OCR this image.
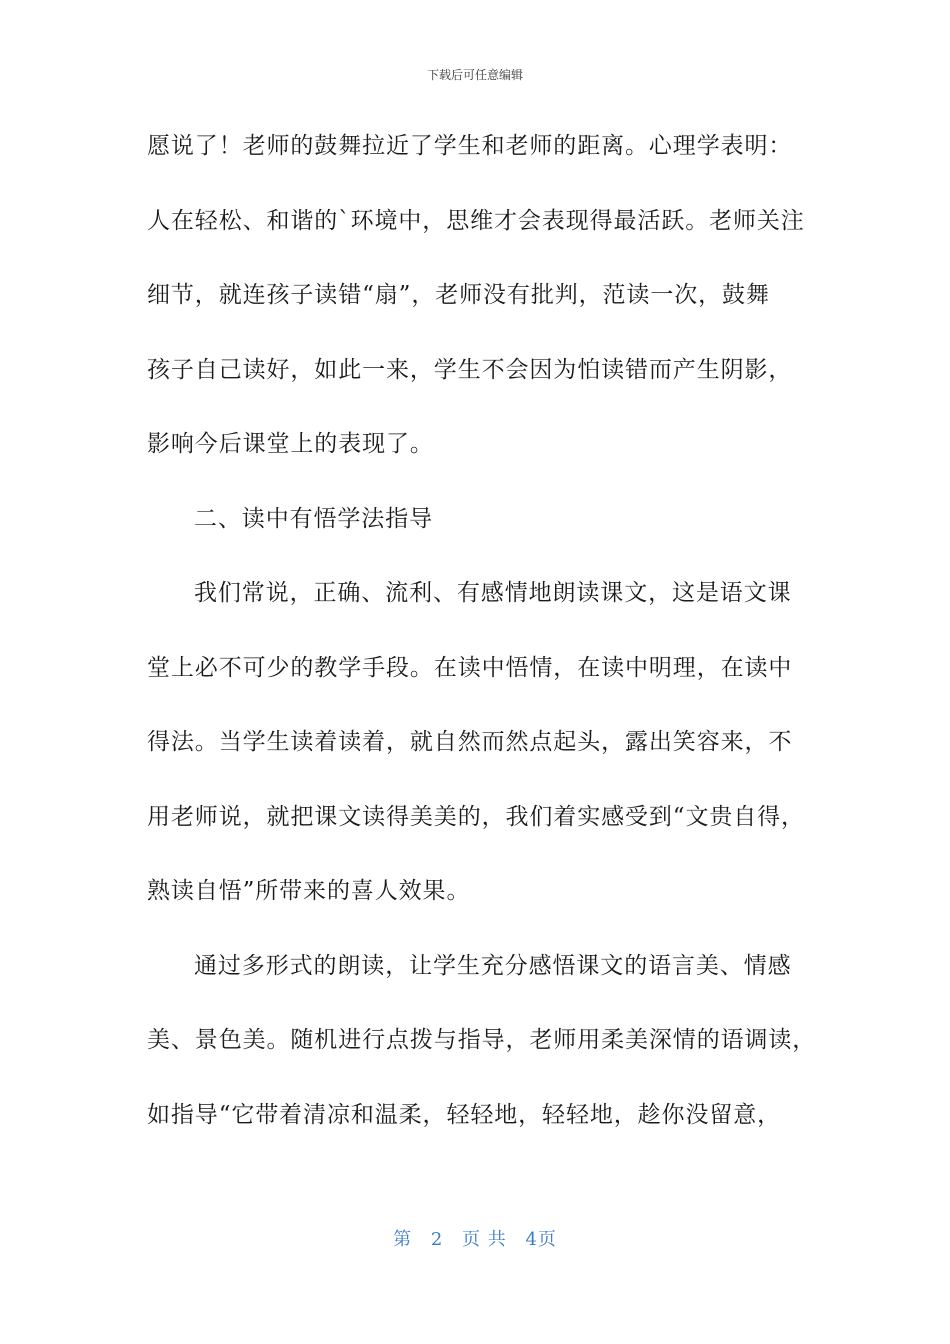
下载后可任意编辑
愿说了！老师的鼓舞拉近了学生和老师的距离。心理学表明：
人在轻松、和谐的`环境中，思维才会表现得最活跃。老师关注
细节，就连孩子读错“扇”，老师没有批判，范读一次，鼓舞
孩子自己读好，如此一来，学生不会因为怕读错而产生阴影，
影响今后课堂上的表现了。
二、读中有悟学法指导
我们常说，正确、流利、有感情地朗读课文，这是语文课
堂上必不可少的教学手段。在读中悟情，在读中明理，在读中
得法。当学生读着读着，就自然而然点起头，露出笑容来，不
用老师说，就把课文读得美美的，我们着实感受到“文贵自得，
熟读自悟”所带来的喜人效果。
通过多形式的朗读，让学生充分感悟课文的语言美、情感
美、景色美。随机进行点拨与指导，老师用柔美深情的语调读，
如指导“它带着清凉和温柔，轻轻地，轻轻地，趁你没留意，
第 2 页 共 4页
